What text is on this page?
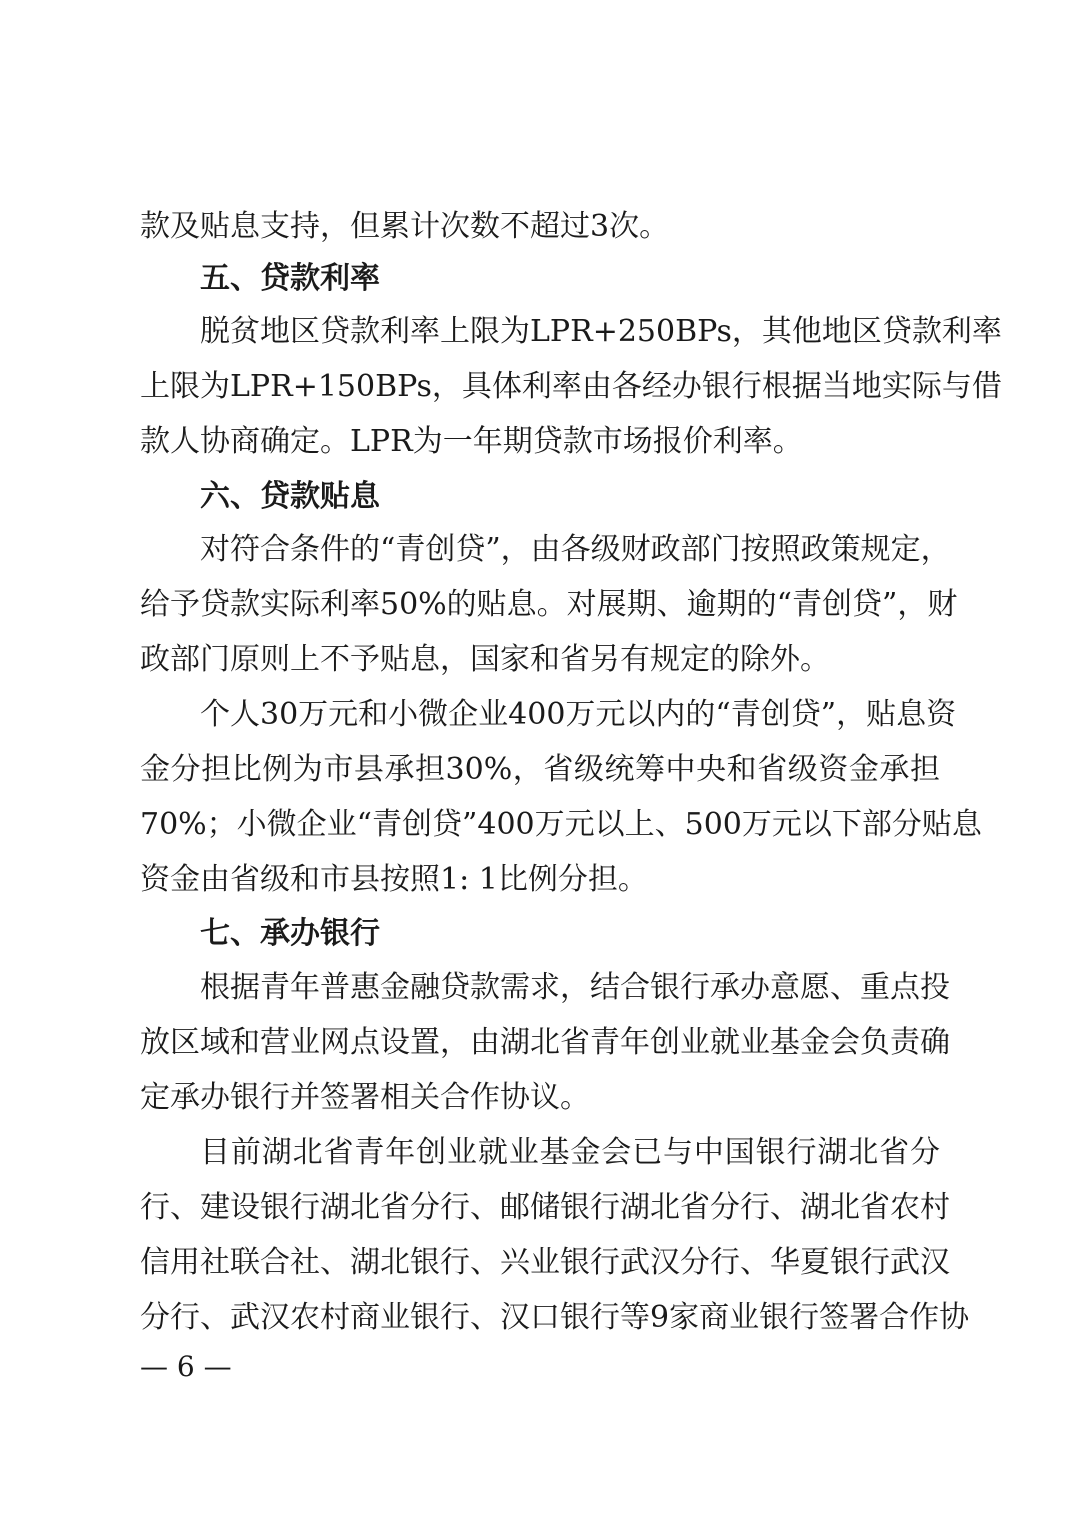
款及贴息支持，但累计次数不超过3次。
五、贷款利率
脱贫地区贷款利率上限为LPR+250BPs，其他地区贷款利率
上限为LPR+150BPs，具体利率由各经办银行根据当地实际与借
款人协商确定。LPR为一年期贷款市场报价利率。
六、贷款贴息
对符合条件的“青创贷”，由各级财政部门按照政策规定，
给予贷款实际利率50%的贴息。对展期、逾期的“青创贷”，财
政部门原则上不予贴息，国家和省另有规定的除外。
个人30万元和小微企业400万元以内的“青创贷”，贴息资
金分担比例为市县承担30%，省级统筹中央和省级资金承担
70%；小微企业“青创贷”400万元以上、500万元以下部分贴息
资金由省级和市县按照1: 1比例分担。
七、承办银行
根据青年普惠金融贷款需求，结合银行承办意愿、重点投
放区域和营业网点设置，由湖北省青年创业就业基金会负责确
定承办银行并签署相关合作协议。
目前湖北省青年创业就业基金会已与中国银行湖北省分
行、建设银行湖北省分行、邮储银行湖北省分行、湖北省农村
信用社联合社、湖北银行、兴业银行武汉分行、华夏银行武汉
分行、武汉农村商业银行、汉口银行等9家商业银行签署合作协
— 6 —
